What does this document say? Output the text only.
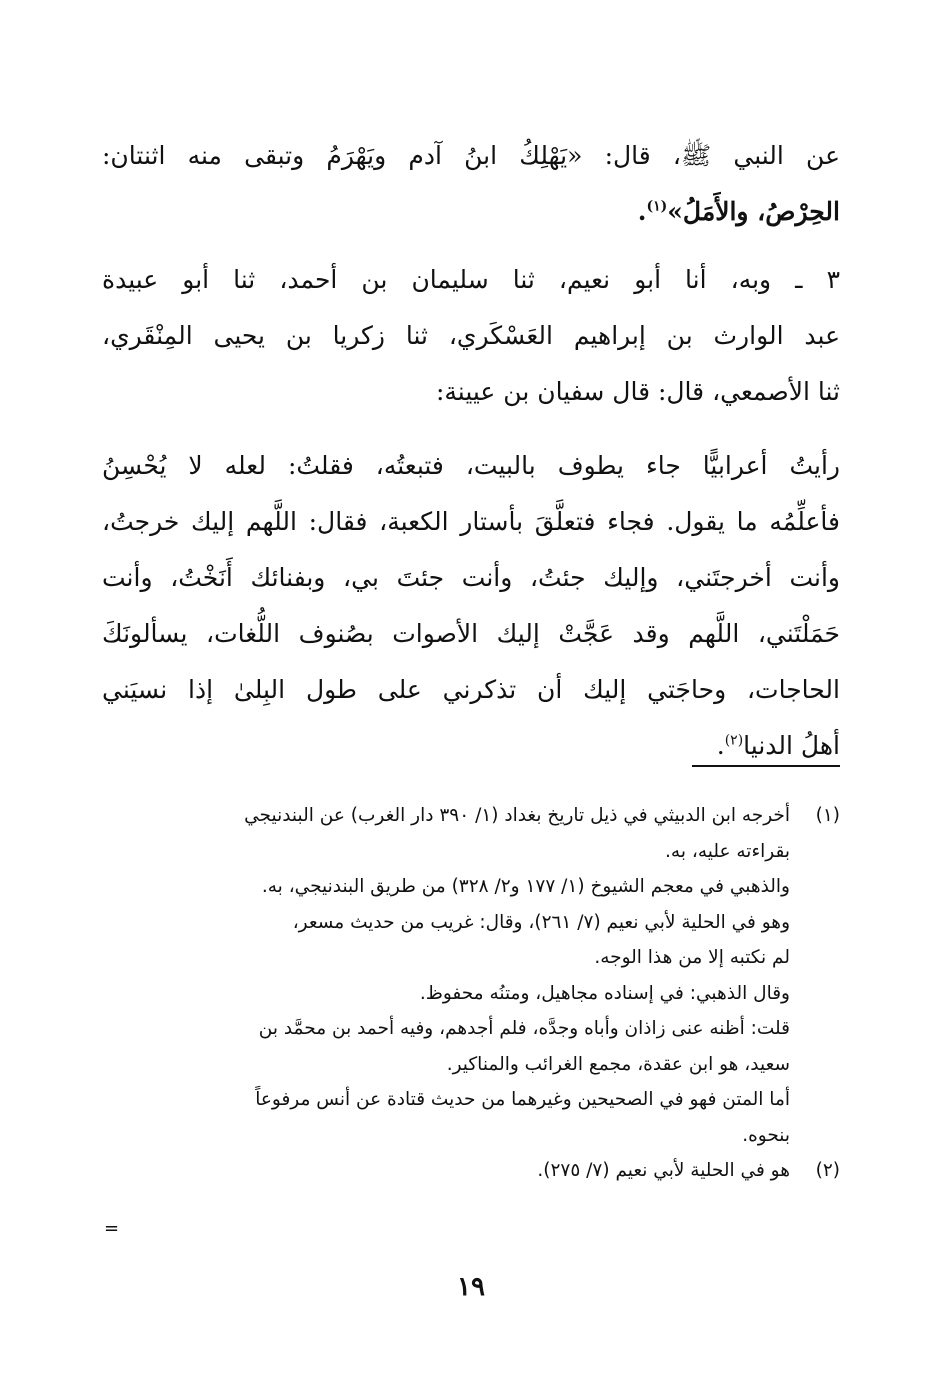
عن النبي ﷺ، قال: «يَهْلِكُ ابنُ آدم ويَهْرَمُ وتبقى منه اثنتان:
الحِرْصُ، والأَمَلُ»$^{(١)}$.

٣ ـ وبه، أنا أبو نعيم، ثنا سليمان بن أحمد، ثنا أبو عبيدة
عبد الوارث بن إبراهيم العَسْكَري، ثنا زكريا بن يحيى المِنْقَري،
ثنا الأصمعي، قال: قال سفيان بن عيينة:

رأيتُ أعرابيًّا جاء يطوف بالبيت، فتبعتُه، فقلتُ: لعله لا يُحْسِنُ
فأعلِّمُه ما يقول. فجاء فتعلَّقَ بأستار الكعبة، فقال: اللَّهم إليك خرجتُ،
وأنت أخرجتَني، وإليك جئتُ، وأنت جئتَ بي، وبفنائك أَنَخْتُ، وأنت
حَمَلْتَني، اللَّهم وقد عَجَّتْ إليك الأصوات بصُنوف اللُّغات، يسألونَكَ
الحاجات، وحاجَتي إليك أن تذكرني على طول البِلىٰ إذا نسيَني
أهلُ الدنيا$^{(٢)}$.

(١)أخرجه ابن الدبيثي في ذيل تاريخ بغداد (١/ ٣٩٠ دار الغرب) عن البندنيجي
بقراءته عليه، به.
والذهبي في معجم الشيوخ (١/ ١٧٧ و٢/ ٣٢٨) من طريق البندنيجي، به.
وهو في الحلية لأبي نعيم (٧/ ٢٦١)، وقال: غريب من حديث مسعر،
لم نكتبه إلا من هذا الوجه.
وقال الذهبي: في إسناده مجاهيل، ومتنُه محفوظ.
قلت: أظنه عنى زاذان وأباه وجدَّه، فلم أجدهم، وفيه أحمد بن محمَّد بن
سعيد، هو ابن عقدة، مجمع الغرائب والمناكير.
أما المتن فهو في الصحيحين وغيرهما من حديث قتادة عن أنس مرفوعاً
بنحوه.
(٢)هو في الحلية لأبي نعيم (٧/ ٢٧٥).
=
١٩
